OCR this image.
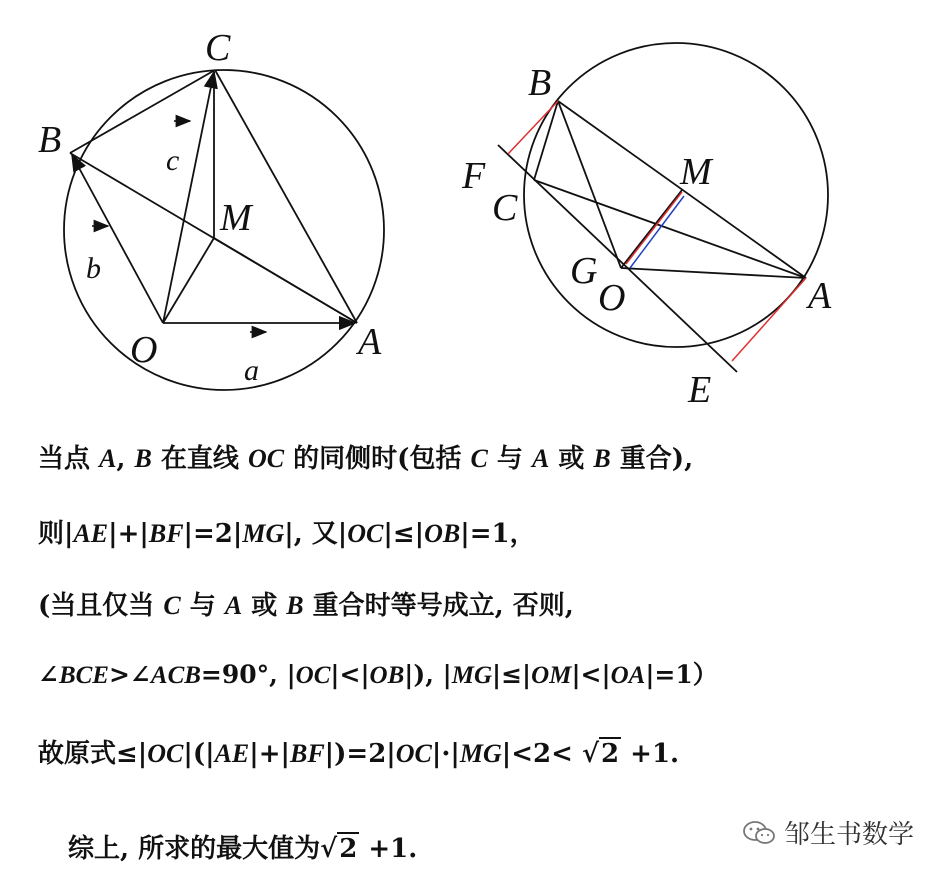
C
B	c
M
b
O	A
a
B
M
F
C
G
O	A
E
当点 A, B 在直线 OC 的同侧时(包括 C 与 A 或 B 重合),
则|AE|+|BF|=2|MG|, 又|OC|≤|OB|=1，
(当且仅当 C 与 A 或 B 重合时等号成立, 否则,
∠BCE>∠ACB=90°, |OC|<|OB|), |MG|≤|OM|<|OA|=1）
故原式≤|OC|(|AE|+|BF|)=2|OC|·|MG|<2< √2 +1.
综上, 所求的最大值为√2 +1.	邹生书数学
